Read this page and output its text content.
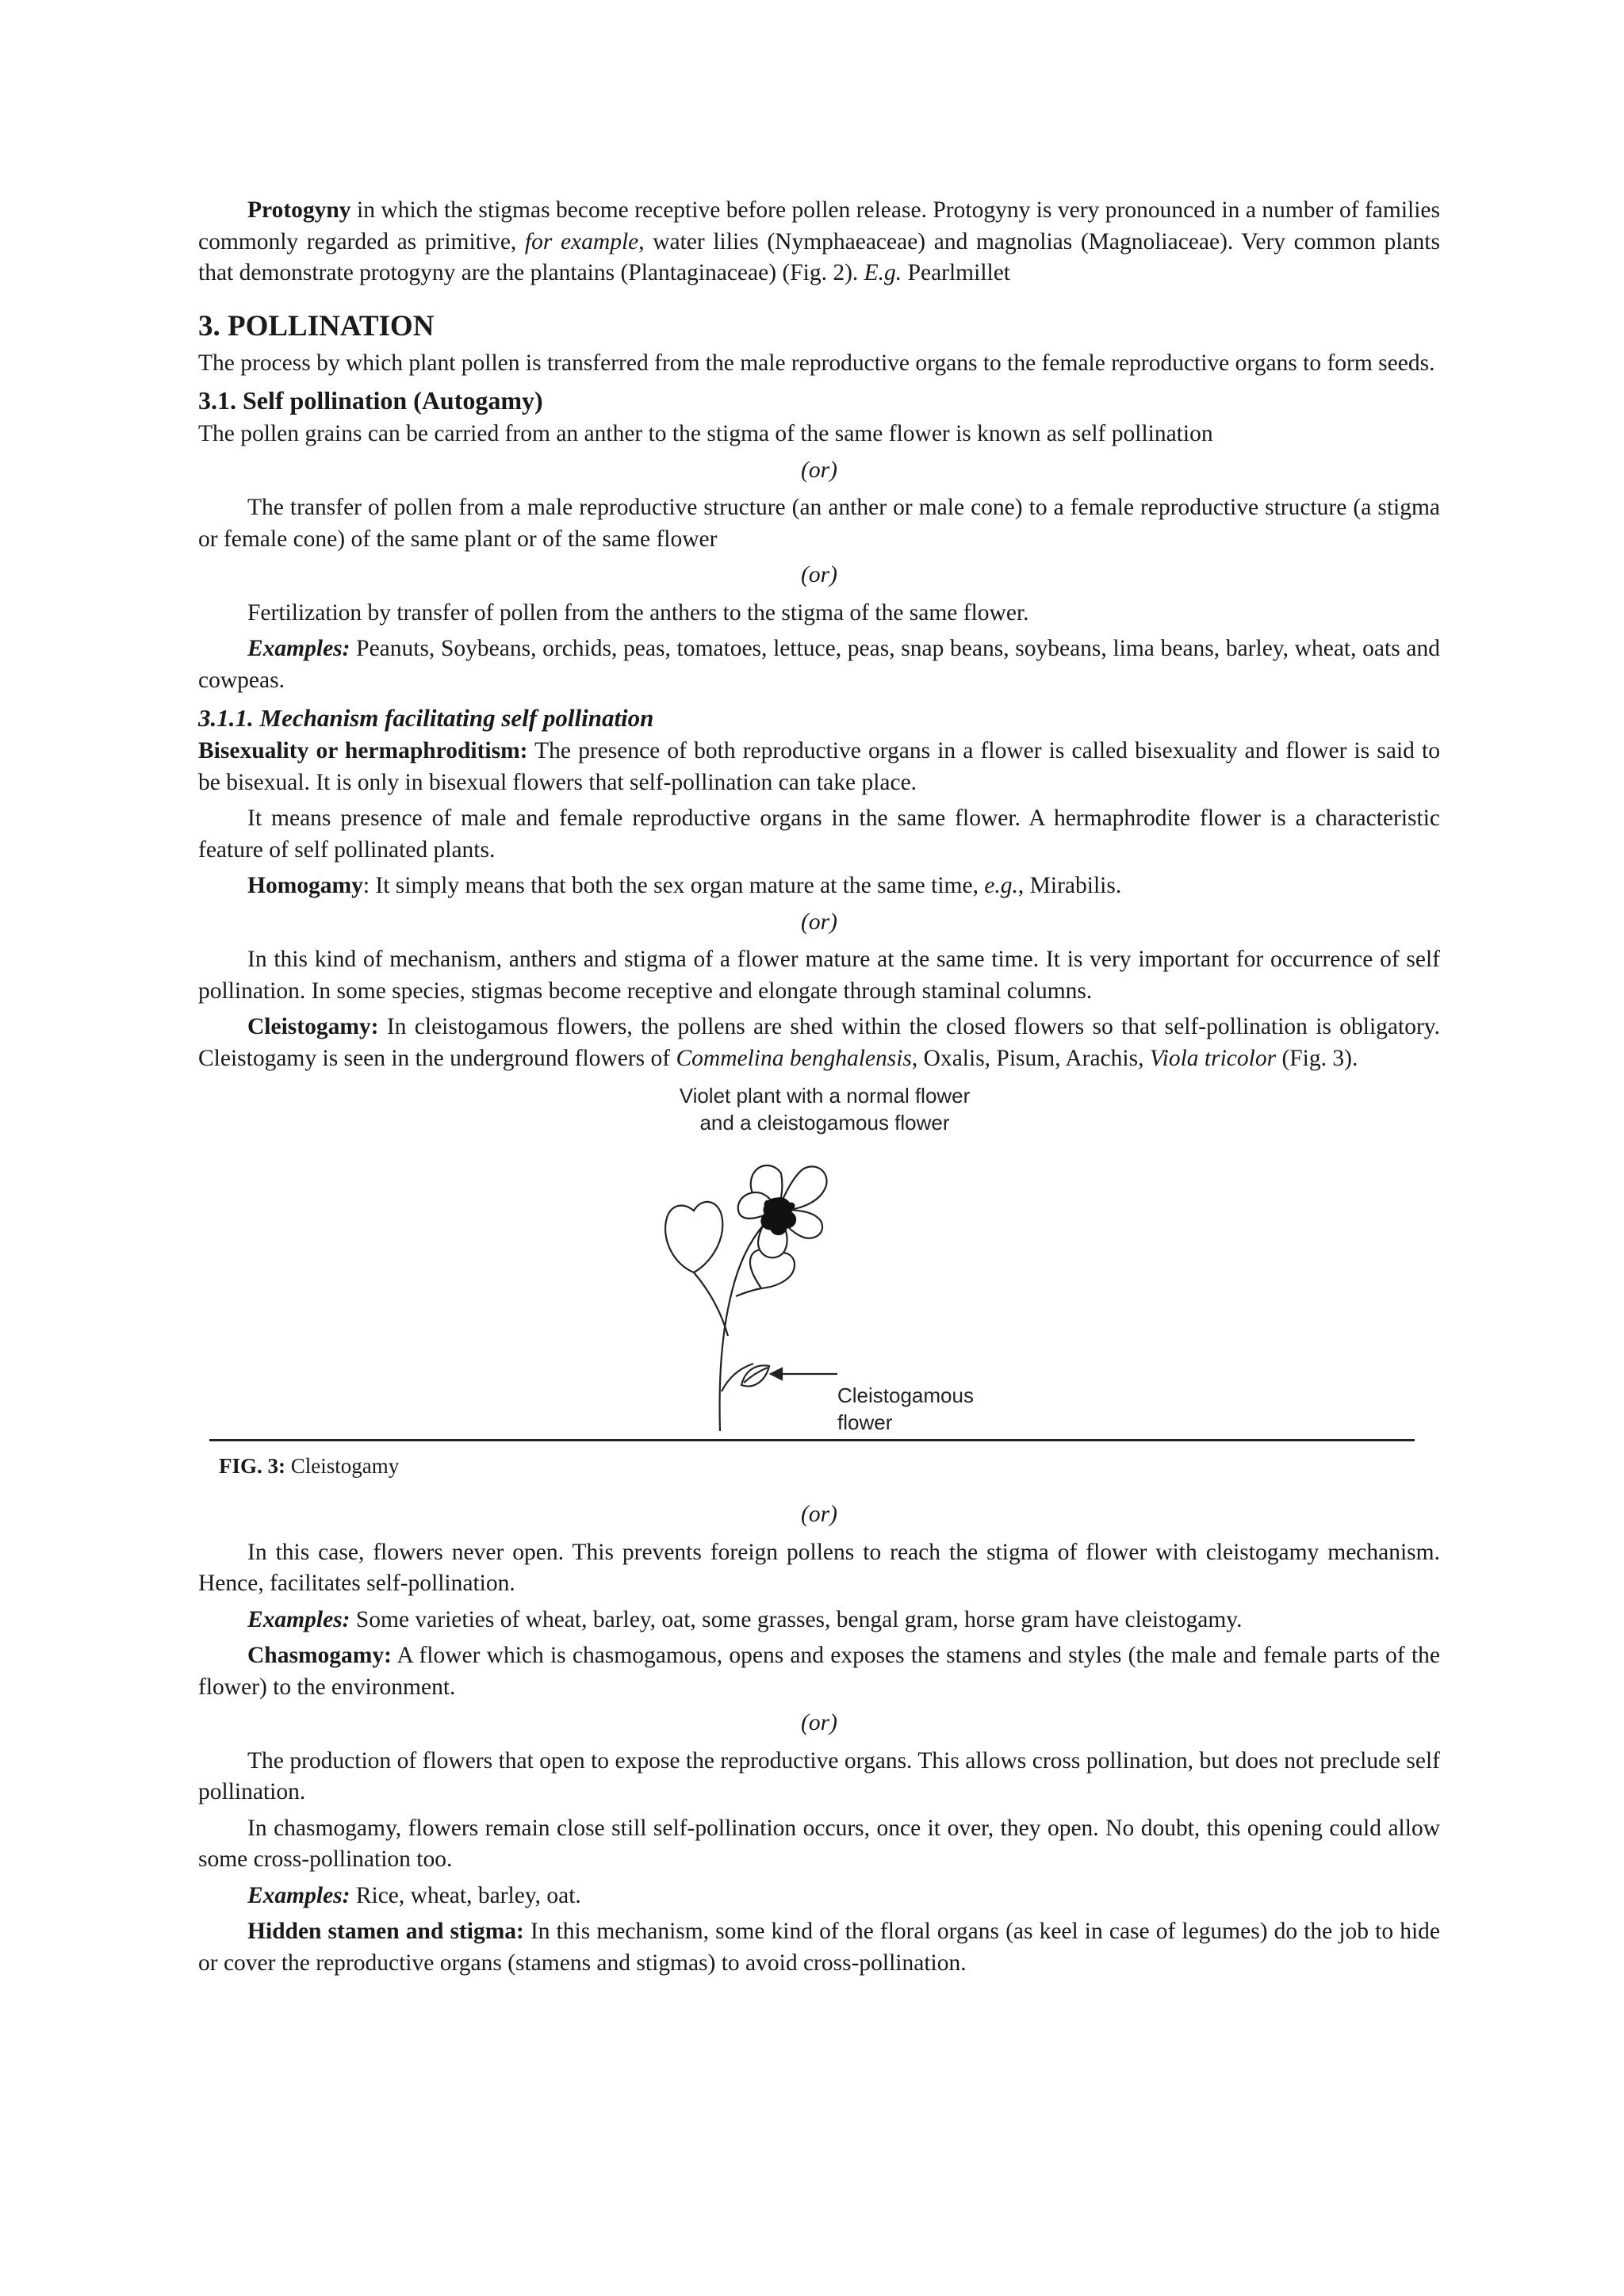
Protogyny in which the stigmas become receptive before pollen release. Protogyny is very pronounced in a number of families commonly regarded as primitive, for example, water lilies (Nymphaeaceae) and magnolias (Magnoliaceae). Very common plants that demonstrate protogyny are the plantains (Plantaginaceae) (Fig. 2). E.g. Pearlmillet

3. POLLINATION

The process by which plant pollen is transferred from the male reproductive organs to the female reproductive organs to form seeds.

3.1. Self pollination (Autogamy)

The pollen grains can be carried from an anther to the stigma of the same flower is known as self pollination

(or)

The transfer of pollen from a male reproductive structure (an anther or male cone) to a female reproductive structure (a stigma or female cone) of the same plant or of the same flower

(or)

Fertilization by transfer of pollen from the anthers to the stigma of the same flower.

Examples: Peanuts, Soybeans, orchids, peas, tomatoes, lettuce, peas, snap beans, soybeans, lima beans, barley, wheat, oats and cowpeas.

3.1.1. Mechanism facilitating self pollination

Bisexuality or hermaphroditism: The presence of both reproductive organs in a flower is called bisexuality and flower is said to be bisexual. It is only in bisexual flowers that self-pollination can take place.

It means presence of male and female reproductive organs in the same flower. A hermaphrodite flower is a characteristic feature of self pollinated plants.

Homogamy: It simply means that both the sex organ mature at the same time, e.g., Mirabilis.

(or)

In this kind of mechanism, anthers and stigma of a flower mature at the same time. It is very important for occurrence of self pollination. In some species, stigmas become receptive and elongate through staminal columns.

Cleistogamy: In cleistogamous flowers, the pollens are shed within the closed flowers so that self-pollination is obligatory. Cleistogamy is seen in the underground flowers of Commelina benghalensis, Oxalis, Pisum, Arachis, Viola tricolor (Fig. 3).

Violet plant with a normal flower
and a cleistogamous flower
Cleistogamous
flower
FIG. 3: Cleistogamy

(or)

In this case, flowers never open. This prevents foreign pollens to reach the stigma of flower with cleistogamy mechanism. Hence, facilitates self-pollination.

Examples: Some varieties of wheat, barley, oat, some grasses, bengal gram, horse gram have cleistogamy.

Chasmogamy: A flower which is chasmogamous, opens and exposes the stamens and styles (the male and female parts of the flower) to the environment.

(or)

The production of flowers that open to expose the reproductive organs. This allows cross pollination, but does not preclude self pollination.

In chasmogamy, flowers remain close still self-pollination occurs, once it over, they open. No doubt, this opening could allow some cross-pollination too.

Examples: Rice, wheat, barley, oat.

Hidden stamen and stigma: In this mechanism, some kind of the floral organs (as keel in case of legumes) do the job to hide or cover the reproductive organs (stamens and stigmas) to avoid cross-pollination.
